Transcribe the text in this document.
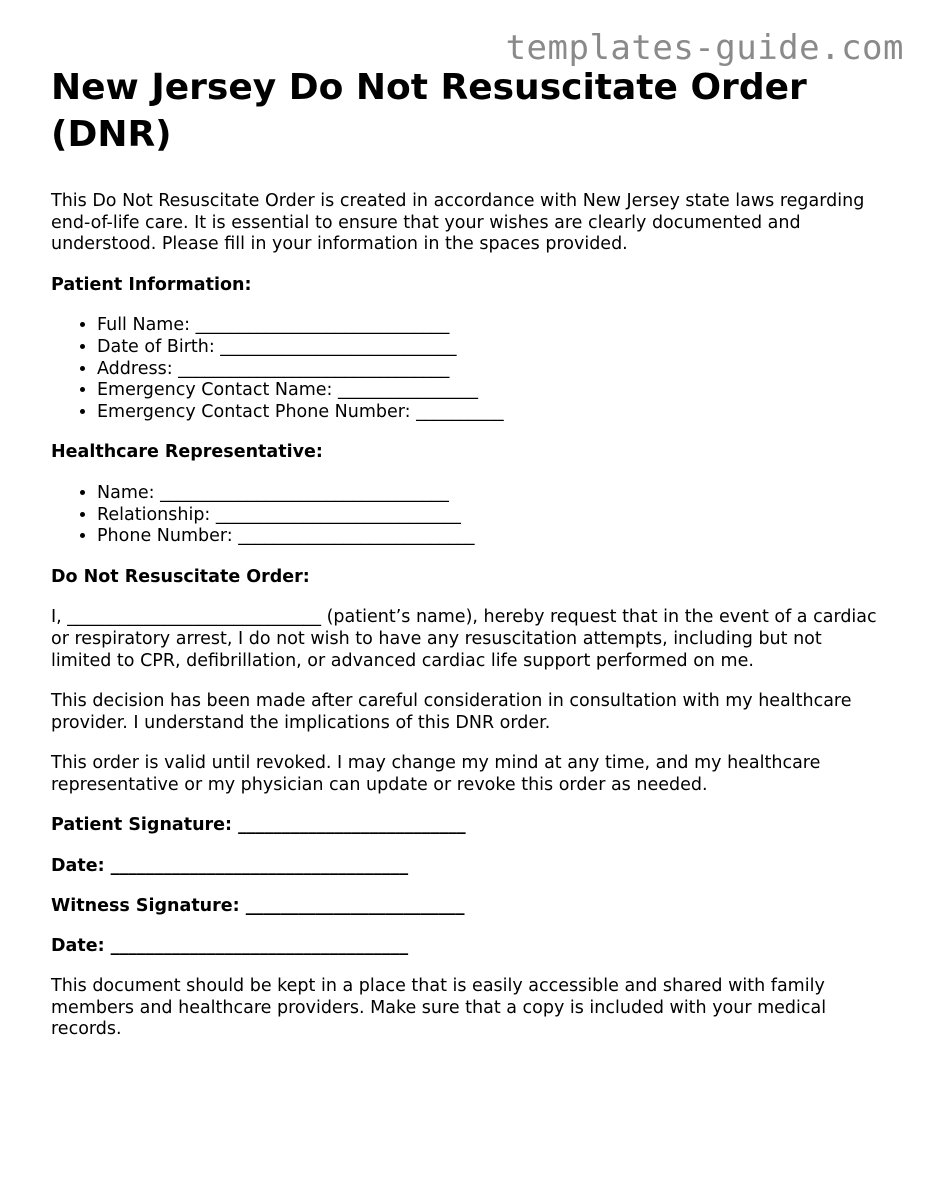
templates-guide.com
New Jersey Do Not Resuscitate Order (DNR)

This Do Not Resuscitate Order is created in accordance with New Jersey state laws regarding end-of-life care. It is essential to ensure that your wishes are clearly documented and understood. Please fill in your information in the spaces provided.

Patient Information:

• Full Name: _____________________________
• Date of Birth: ___________________________
• Address: _______________________________
• Emergency Contact Name: ________________
• Emergency Contact Phone Number: __________

Healthcare Representative:

• Name: _________________________________
• Relationship: ____________________________
• Phone Number: ___________________________

Do Not Resuscitate Order:

I, _____________________________ (patient’s name), hereby request that in the event of a cardiac or respiratory arrest, I do not wish to have any resuscitation attempts, including but not limited to CPR, defibrillation, or advanced cardiac life support performed on me.

This decision has been made after careful consideration in consultation with my healthcare provider. I understand the implications of this DNR order.

This order is valid until revoked. I may change my mind at any time, and my healthcare representative or my physician can update or revoke this order as needed.

Patient Signature: __________________________

Date: __________________________________

Witness Signature: _________________________

Date: __________________________________

This document should be kept in a place that is easily accessible and shared with family members and healthcare providers. Make sure that a copy is included with your medical records.
